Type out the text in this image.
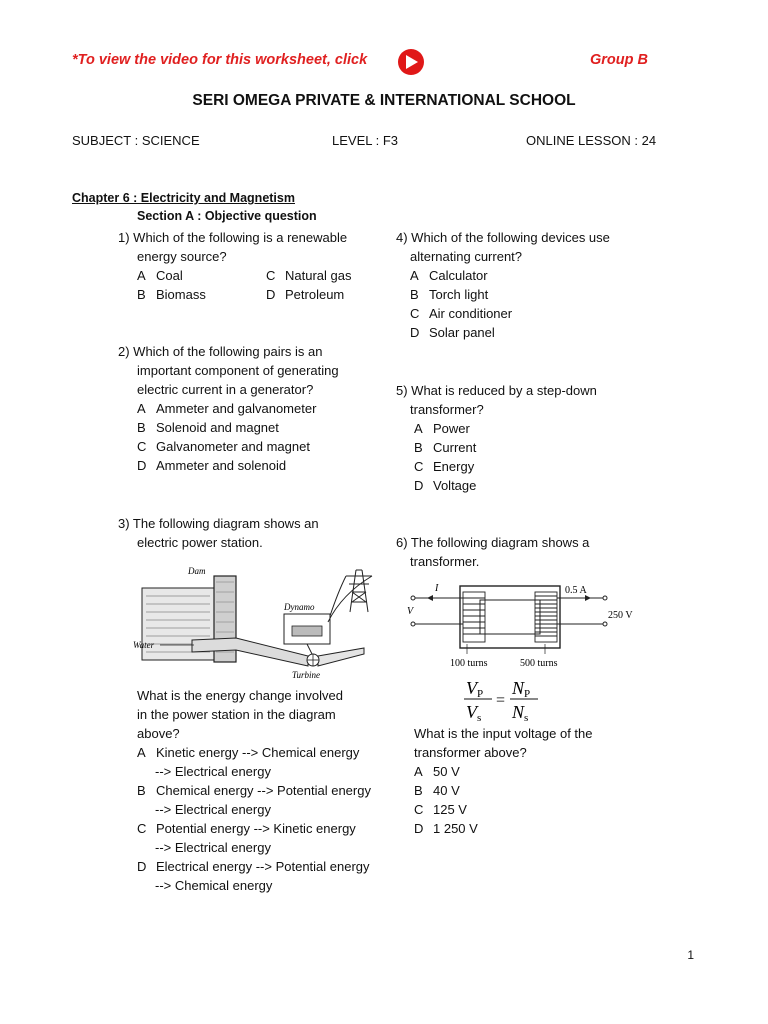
*To view the video for this worksheet, click	Group B
SERI OMEGA PRIVATE & INTERNATIONAL SCHOOL
SUBJECT : SCIENCE	LEVEL : F3	ONLINE LESSON : 24
Chapter 6 : Electricity and Magnetism
Section A : Objective question
1) Which of the following is a renewable
energy source?
A Coal	C Natural gas
B Biomass	D Petroleum
2) Which of the following pairs is an
important component of generating
electric current in a generator?
A Ammeter and galvanometer
B Solenoid and magnet
C Galvanometer and magnet
D Ammeter and solenoid
3) The following diagram shows an
electric power station.
Dam
Dynamo
Water
Turbine
What is the energy change involved
in the power station in the diagram
above?
A Kinetic energy --> Chemical energy
--> Electrical energy
B Chemical energy --> Potential energy
--> Electrical energy
C Potential energy --> Kinetic energy
--> Electrical energy
D Electrical energy --> Potential energy
--> Chemical energy
4) Which of the following devices use
alternating current?
A Calculator
B Torch light
C Air conditioner
D Solar panel
5) What is reduced by a step-down
transformer?
A Power
B Current
C Energy
D Voltage
6) The following diagram shows a
transformer.
I	0.5 A
V	250 V
100 turns	500 turns
VP
Vs
=
NP
Ns
What is the input voltage of the
transformer above?
A 50 V
B 40 V
C 125 V
D 1 250 V
1
